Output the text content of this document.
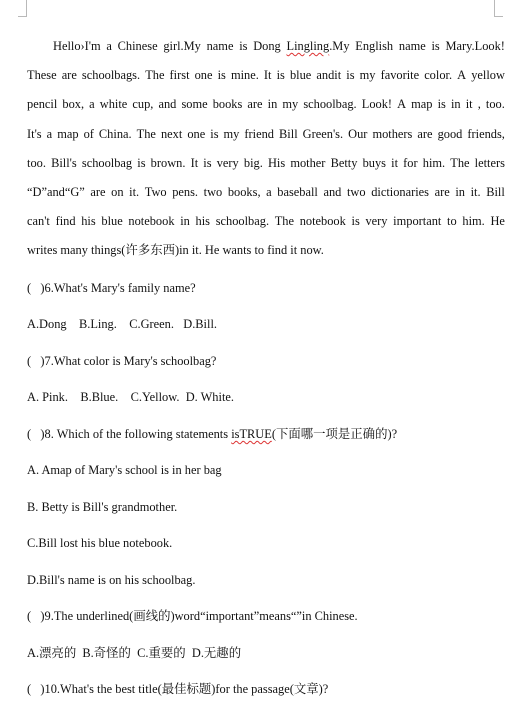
Hello›I'm a Chinese girl.My name is Dong Lingling.My English name is Mary.Look!
These are schoolbags. The first one is mine. It is blue andit is my favorite color. A yellow
pencil box, a white cup, and some books are in my schoolbag. Look! A map is in it , too.
It's a map of China. The next one is my friend Bill Green's. Our mothers are good friends,
too. Bill's schoolbag is brown. It is very big. His mother Betty buys it for him. The letters
“D”and“G” are on it. Two pens. two books, a baseball and two dictionaries are in it. Bill
can't find his blue notebook in his schoolbag. The notebook is very important to him. He
writes many things(许多东西)in it. He wants to find it now.
(   )6.What's Mary's family name?
A.Dong    B.Ling.    C.Green.   D.Bill.
(   )7.What color is Mary's schoolbag?
A. Pink.    B.Blue.    C.Yellow.  D. White.
(   )8. Which of the following statements isTRUE(下面哪一项是正确的)?
A. Amap of Mary's school is in her bag
B. Betty is Bill's grandmother.
C.Bill lost his blue notebook.
D.Bill's name is on his schoolbag.
(   )9.The underlined(画线的)word“important”means“”in Chinese.
A.漂亮的  B.奇怪的  C.重要的  D.无趣的
(   )10.What's the best title(最佳标题)for the passage(文章)?
